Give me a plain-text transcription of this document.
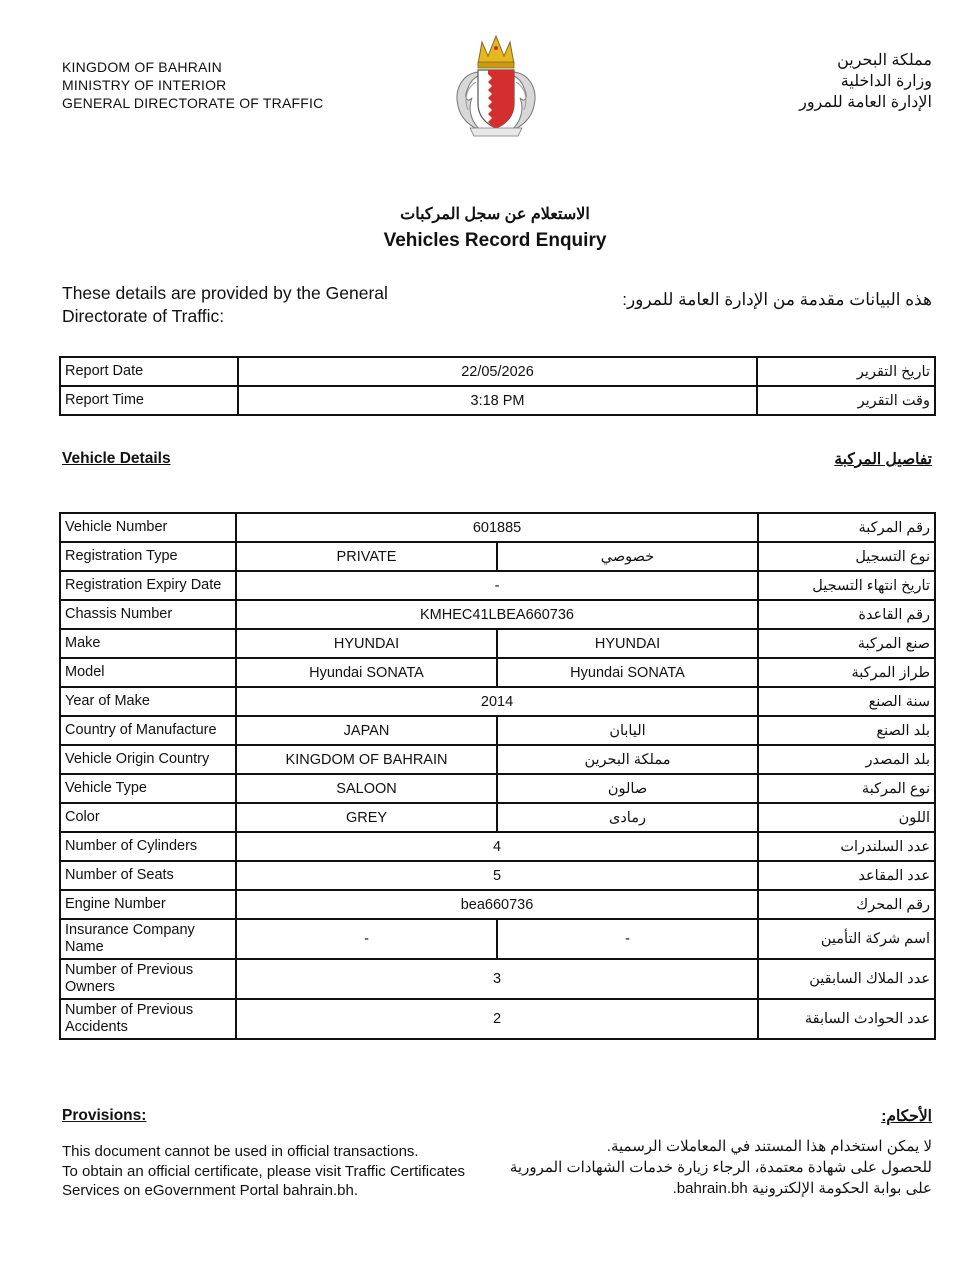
KINGDOM OF BAHRAIN
MINISTRY OF INTERIOR
GENERAL DIRECTORATE OF TRAFFIC
مملكة البحرين
وزارة الداخلية
الإدارة العامة للمرور
الاستعلام عن سجل المركبات
Vehicles Record Enquiry
These details are provided by the General Directorate of Traffic:
هذه البيانات مقدمة من الإدارة العامة للمرور:
Report Date	22/05/2026	تاريخ التقرير
Report Time	3:18 PM	وقت التقرير
Vehicle Details	تفاصيل المركبة
Vehicle Number	601885		رقم المركبة
Registration Type	PRIVATE	خصوصي	نوع التسجيل
Registration Expiry Date	-		تاريخ انتهاء التسجيل
Chassis Number	KMHEC41LBEA660736		رقم القاعدة
Make	HYUNDAI	HYUNDAI	صنع المركبة
Model	Hyundai SONATA	Hyundai SONATA	طراز المركبة
Year of Make	2014		سنة الصنع
Country of Manufacture	JAPAN	اليابان	بلد الصنع
Vehicle Origin Country	KINGDOM OF BAHRAIN	مملكة البحرين	بلد المصدر
Vehicle Type	SALOON	صالون	نوع المركبة
Color	GREY	رمادى	اللون
Number of Cylinders	4		عدد السلندرات
Number of Seats	5		عدد المقاعد
Engine Number	bea660736		رقم المحرك
Insurance Company Name	-	-	اسم شركة التأمين
Number of Previous Owners	3		عدد الملاك السابقين
Number of Previous Accidents	2		عدد الحوادث السابقة
Provisions:	الأحكام:
This document cannot be used in official transactions.
To obtain an official certificate, please visit Traffic Certificates Services on eGovernment Portal bahrain.bh.
لا يمكن استخدام هذا المستند في المعاملات الرسمية.
للحصول على شهادة معتمدة، الرجاء زيارة خدمات الشهادات المرورية على بوابة الحكومة الإلكترونية bahrain.bh.
